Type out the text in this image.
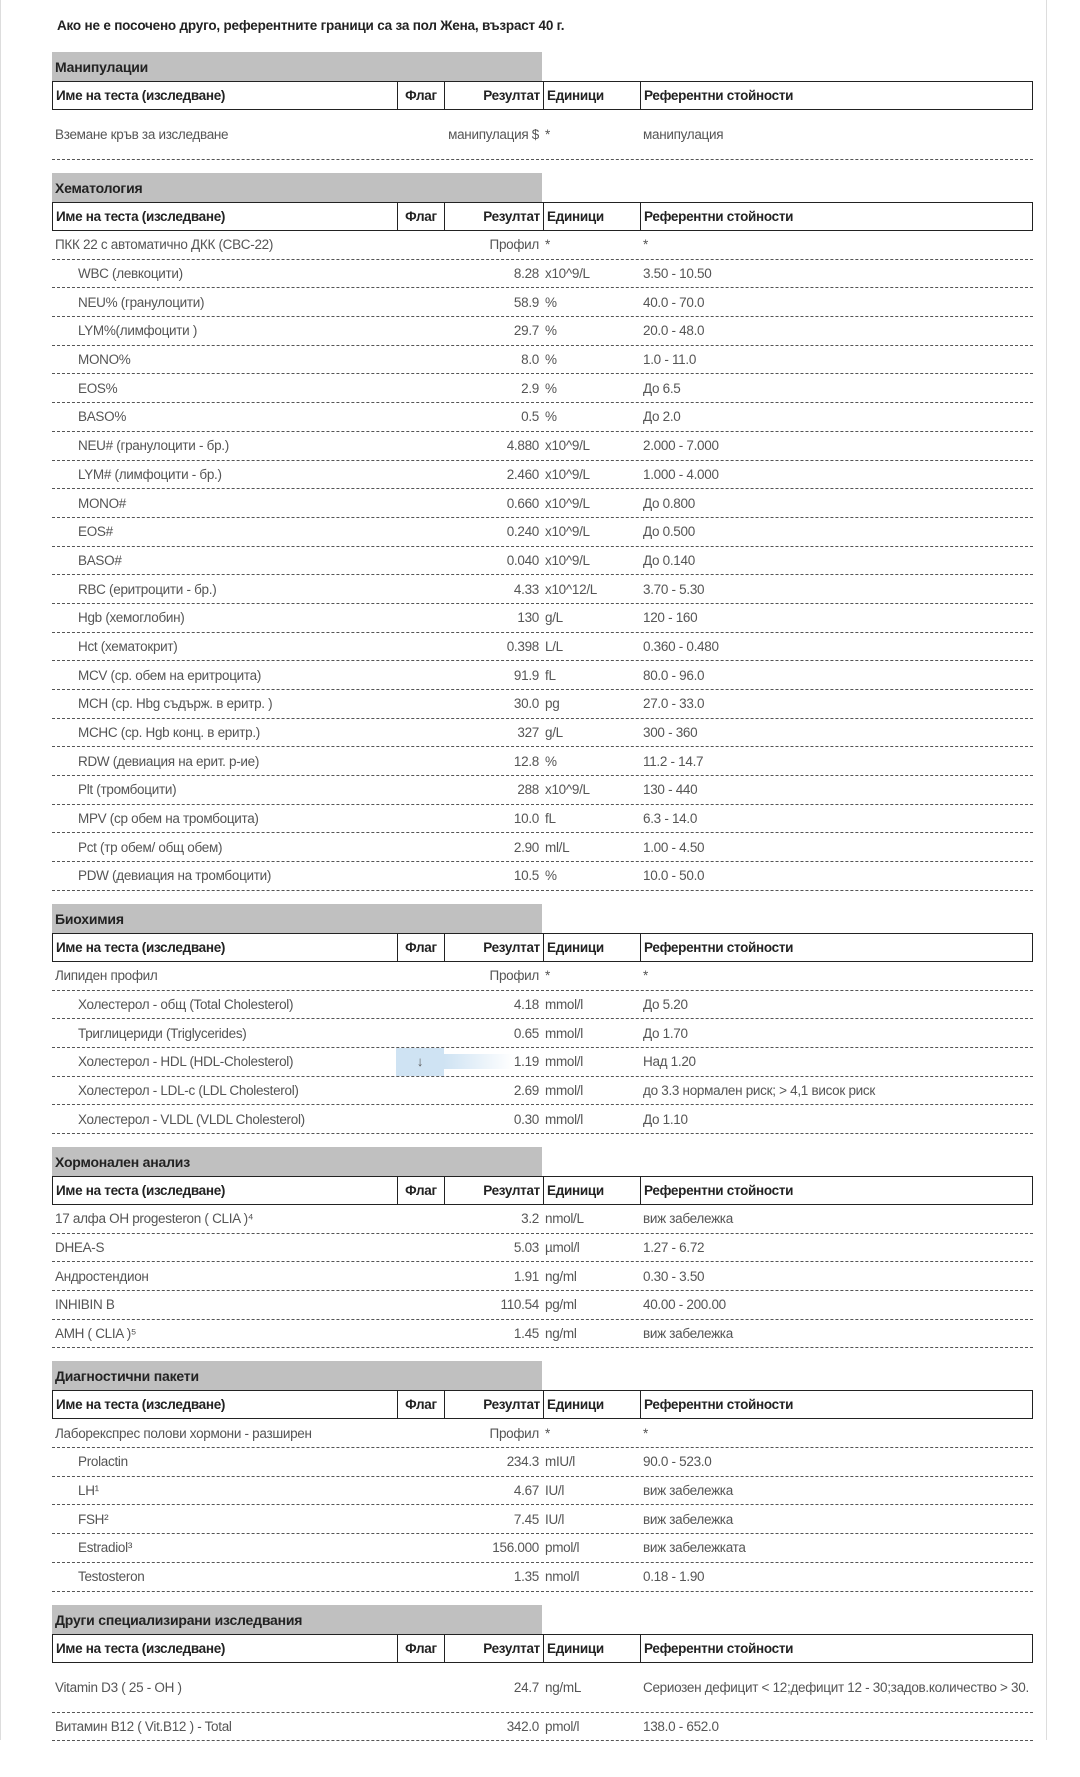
Ако не е посочено друго, референтните граници са за пол Жена, възраст 40 г.
Манипулации
Име на теста (изследване)	Флаг	Резултат Единици	Референтни стойности
Вземане кръв за изследване	манипулация $ *	манипулация
Хематология
Име на теста (изследване)	Флаг	Резултат Единици	Референтни стойности
ПКК 22 с автоматично ДКК (CBC-22)	Профил *	*
WBC (левкоцити)	8.28 x10^9/L	3.50 - 10.50
NEU% (гранулоцити)	58.9 %	40.0 - 70.0
LYM%(лимфоцити )	29.7 %	20.0 - 48.0
MONO%	8.0 %	1.0 - 11.0
EOS%	2.9 %	До 6.5
BASO%	0.5 %	До 2.0
NEU# (гранулоцити - бр.)	4.880 x10^9/L	2.000 - 7.000
LYM# (лимфоцити - бр.)	2.460 x10^9/L	1.000 - 4.000
MONO#	0.660 x10^9/L	До 0.800
EOS#	0.240 x10^9/L	До 0.500
BASO#	0.040 x10^9/L	До 0.140
RBC (еритроцити - бр.)	4.33 x10^12/L	3.70 - 5.30
Hgb (хемоглобин)	130 g/L	120 - 160
Hct (хематокрит)	0.398 L/L	0.360 - 0.480
MCV (ср. обем на еритроцита)	91.9 fL	80.0 - 96.0
MCH (ср. Hbg съдърж. в еритр. )	30.0 pg	27.0 - 33.0
MCHC (ср. Hgb конц. в еритр.)	327 g/L	300 - 360
RDW (девиация на ерит. р-ие)	12.8 %	11.2 - 14.7
Plt (тромбоцити)	288 x10^9/L	130 - 440
MPV (ср обем на тромбоцита)	10.0 fL	6.3 - 14.0
Pct (тр обем/ общ обем)	2.90 ml/L	1.00 - 4.50
PDW (девиация на тромбоцити)	10.5 %	10.0 - 50.0
Биохимия
Име на теста (изследване)	Флаг	Резултат Единици	Референтни стойности
Липиден профил	Профил *	*
Холестерол - общ (Total Cholesterol)	4.18 mmol/l	До 5.20
Триглицериди (Triglycerides)	0.65 mmol/l	До 1.70
Холестерол - HDL (HDL-Cholesterol)	↓	1.19 mmol/l	Над 1.20
Холестерол - LDL-c (LDL Cholesterol)	2.69 mmol/l	до 3.3 нормален риск; > 4,1 висок риск
Холестерол - VLDL (VLDL Cholesterol)	0.30 mmol/l	До 1.10
Хормонален анализ
Име на теста (изследване)	Флаг	Резултат Единици	Референтни стойности
17 алфа OH progesteron ( CLIA )⁴	3.2 nmol/L	виж забележка
DHEA-S	5.03 µmol/l	1.27 - 6.72
Андростендион	1.91 ng/ml	0.30 - 3.50
INHIBIN B	110.54 pg/ml	40.00 - 200.00
AMH ( CLIA )⁵	1.45 ng/ml	виж забележка
Диагностични пакети
Име на теста (изследване)	Флаг	Резултат Единици	Референтни стойности
Лаборекспрес полови хормони - разширен	Профил *	*
Prolactin	234.3 mIU/l	90.0 - 523.0
LH¹	4.67 IU/l	виж забележка
FSH²	7.45 IU/l	виж забележка
Estradiol³	156.000 pmol/l	виж забележката
Testosteron	1.35 nmol/l	0.18 - 1.90
Други специализирани изследвания
Име на теста (изследване)	Флаг	Резултат Единици	Референтни стойности
Vitamin D3 ( 25 - OH )	24.7 ng/mL	Сериозен дефицит < 12;дефицит 12 - 30;задов.количество > 30.
Витамин B12 ( Vit.B12 ) - Total	342.0 pmol/l	138.0 - 652.0
